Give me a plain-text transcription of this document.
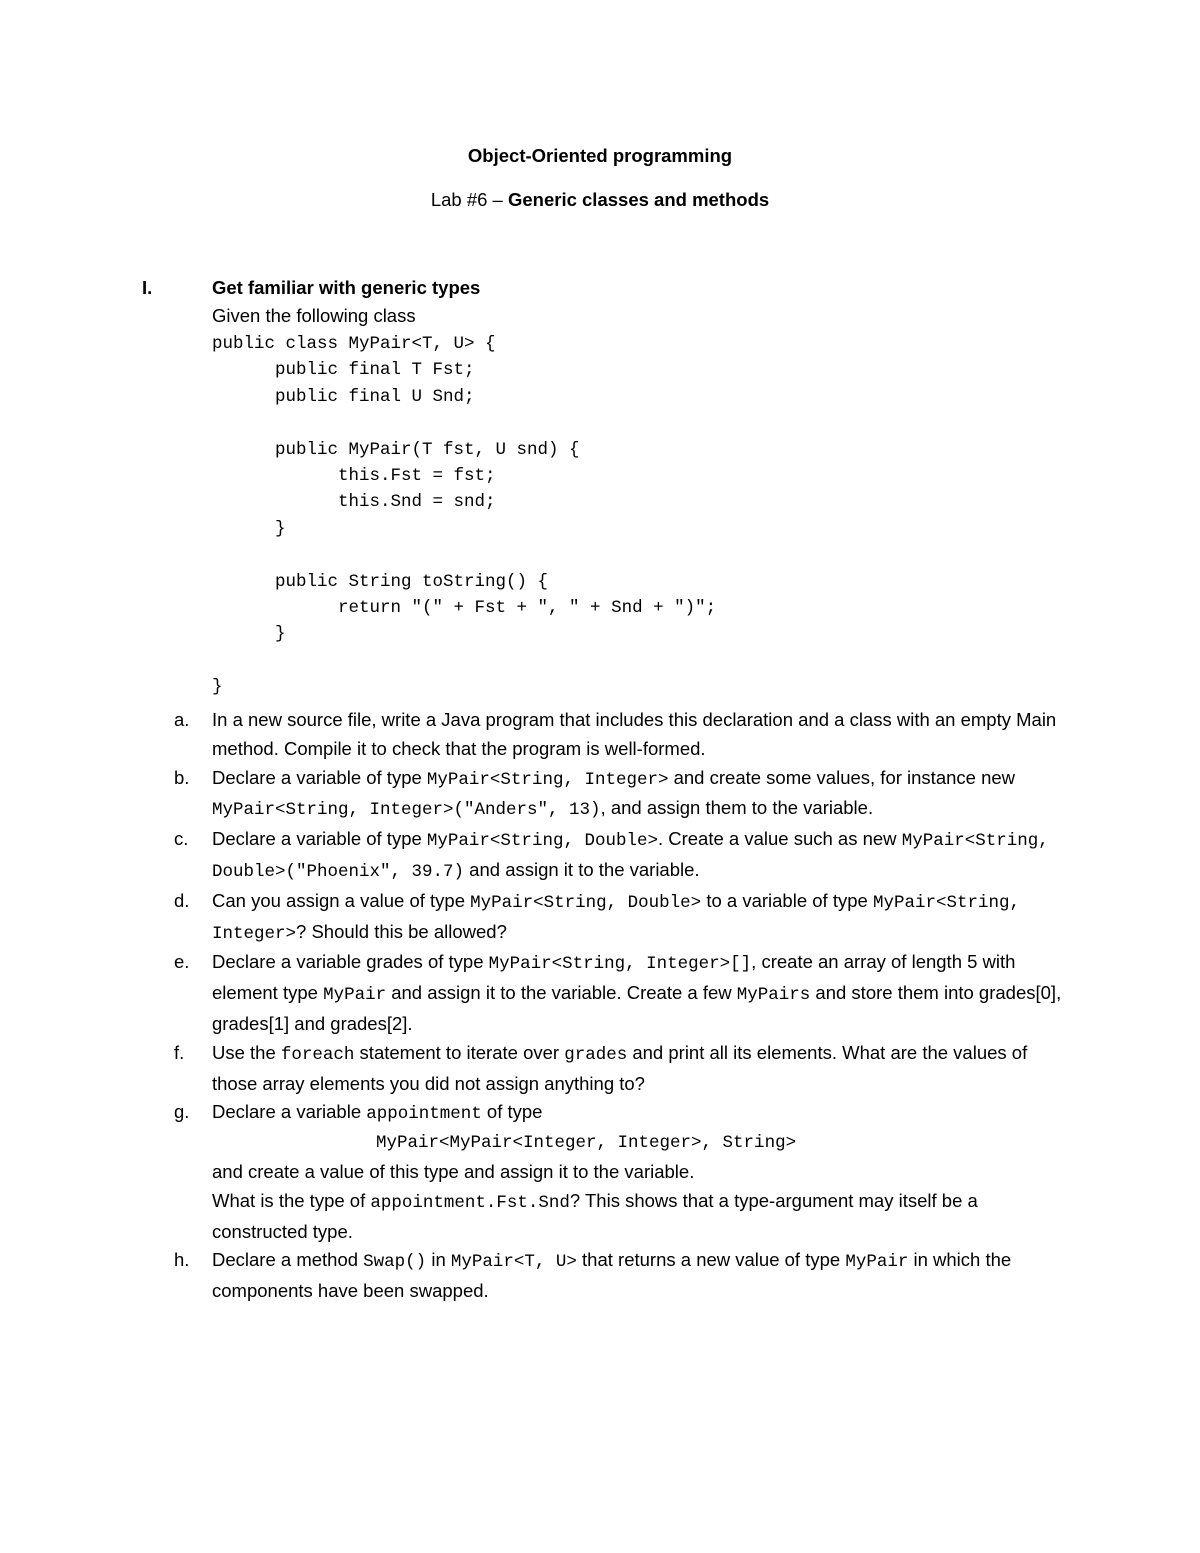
Object-Oriented programming
Lab #6 – Generic classes and methods
I.	Get familiar with generic types
Given the following class
public class MyPair<T, U> {
public final T Fst;
public final U Snd;

public MyPair(T fst, U snd) {
this.Fst = fst;
this.Snd = snd;
}

public String toString() {
return "(" + Fst + ", " + Snd + ")";
}

}
a. In a new source file, write a Java program that includes this declaration and a class with an empty Main method. Compile it to check that the program is well-formed.
b. Declare a variable of type MyPair<String, Integer> and create some values, for instance new MyPair<String, Integer>("Anders", 13), and assign them to the variable.
c. Declare a variable of type MyPair<String, Double>. Create a value such as new MyPair<String, Double>("Phoenix", 39.7) and assign it to the variable.
d. Can you assign a value of type MyPair<String, Double> to a variable of type MyPair<String, Integer>? Should this be allowed?
e. Declare a variable grades of type MyPair<String, Integer>[], create an array of length 5 with element type MyPair and assign it to the variable. Create a few MyPairs and store them into grades[0], grades[1] and grades[2].
f. Use the foreach statement to iterate over grades and print all its elements. What are the values of those array elements you did not assign anything to?
g. Declare a variable appointment of type
MyPair<MyPair<Integer, Integer>, String>
and create a value of this type and assign it to the variable.
What is the type of appointment.Fst.Snd? This shows that a type-argument may itself be a constructed type.
h. Declare a method Swap() in MyPair<T, U> that returns a new value of type MyPair in which the components have been swapped.
